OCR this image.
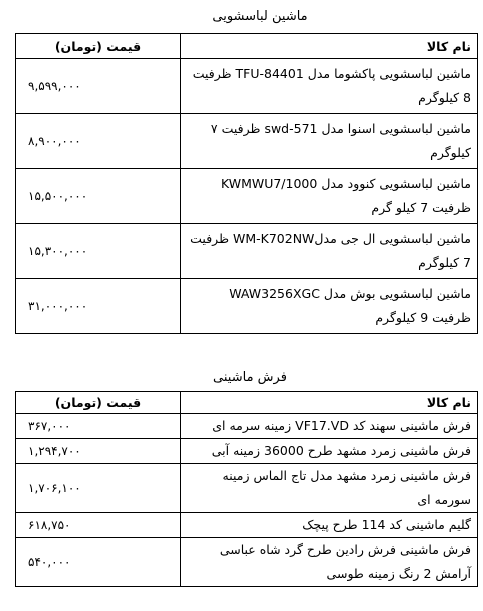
ماشین لباسشویی
نام کالا	قیمت (تومان)
ماشین لباسشویی پاکشوما مدل TFU-84401 ظرفیت 8 کیلوگرم	۹,۵۹۹,۰۰۰
ماشین لباسشویی اسنوا مدل swd-571 ظرفیت ۷ کیلوگرم	۸,۹۰۰,۰۰۰
ماشین لباسشویی کنوود مدل KWMWU7/1000 ظرفیت 7 کیلو گرم	۱۵,۵۰۰,۰۰۰
ماشین لباسشویی ال جی مدلWM-K702NW ظرفیت 7 کیلوگرم	۱۵,۳۰۰,۰۰۰
ماشین لباسشویی بوش مدل WAW3256XGC ظرفیت 9 کیلوگرم	۳۱,۰۰۰,۰۰۰
فرش ماشینی
نام کالا	قیمت (تومان)
فرش ماشینی سهند کد VF17.VD زمینه سرمه ای	۳۶۷,۰۰۰
فرش ماشینی زمرد مشهد طرح 36000 زمینه آبی	۱,۲۹۴,۷۰۰
فرش ماشینی زمرد مشهد مدل تاج الماس زمینه سورمه ای	۱,۷۰۶,۱۰۰
گلیم ماشینی کد 114 طرح پیچک	۶۱۸,۷۵۰
فرش ماشینی فرش رادین طرح گرد شاه عباسی آرامش 2 رنگ زمینه طوسی	۵۴۰,۰۰۰
